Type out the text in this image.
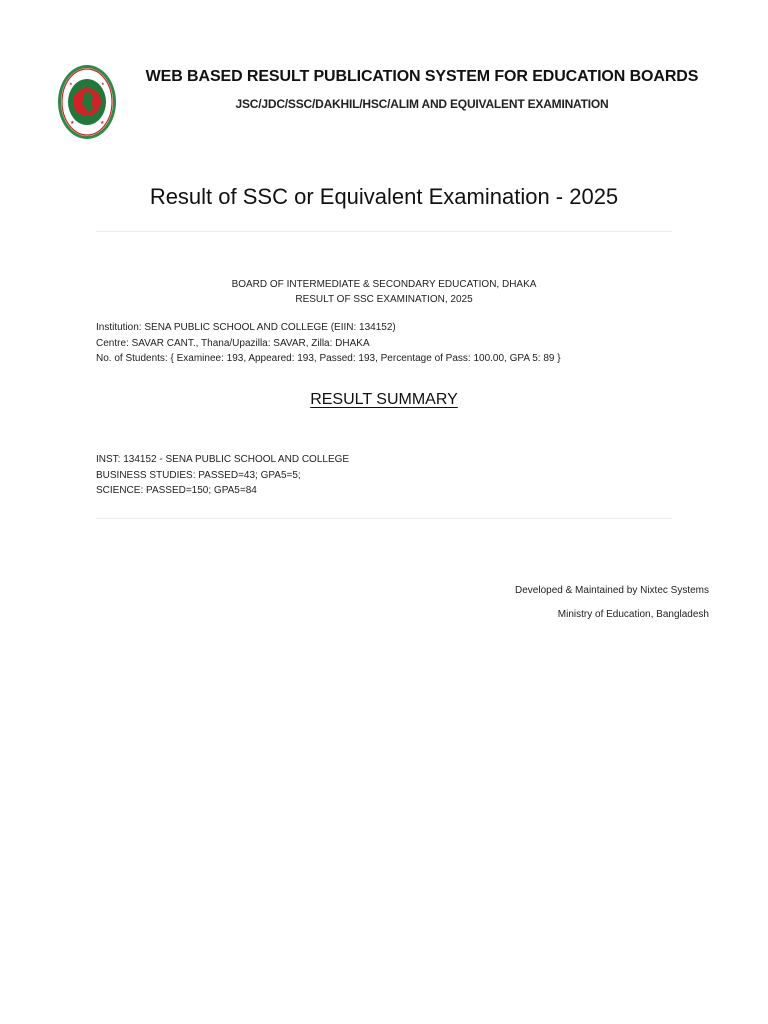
★	★
★	★	WEB BASED RESULT PUBLICATION SYSTEM FOR EDUCATION BOARDS
JSC/JDC/SSC/DAKHIL/HSC/ALIM AND EQUIVALENT EXAMINATION
Result of SSC or Equivalent Examination - 2025
BOARD OF INTERMEDIATE & SECONDARY EDUCATION, DHAKA
RESULT OF SSC EXAMINATION, 2025
Institution: SENA PUBLIC SCHOOL AND COLLEGE (EIIN: 134152)
Centre: SAVAR CANT., Thana/Upazilla: SAVAR, Zilla: DHAKA
No. of Students: { Examinee: 193, Appeared: 193, Passed: 193, Percentage of Pass: 100.00, GPA 5: 89 }
RESULT SUMMARY
INST: 134152 - SENA PUBLIC SCHOOL AND COLLEGE
BUSINESS STUDIES: PASSED=43; GPA5=5;
SCIENCE: PASSED=150; GPA5=84
Developed & Maintained by Nixtec Systems
Ministry of Education, Bangladesh
